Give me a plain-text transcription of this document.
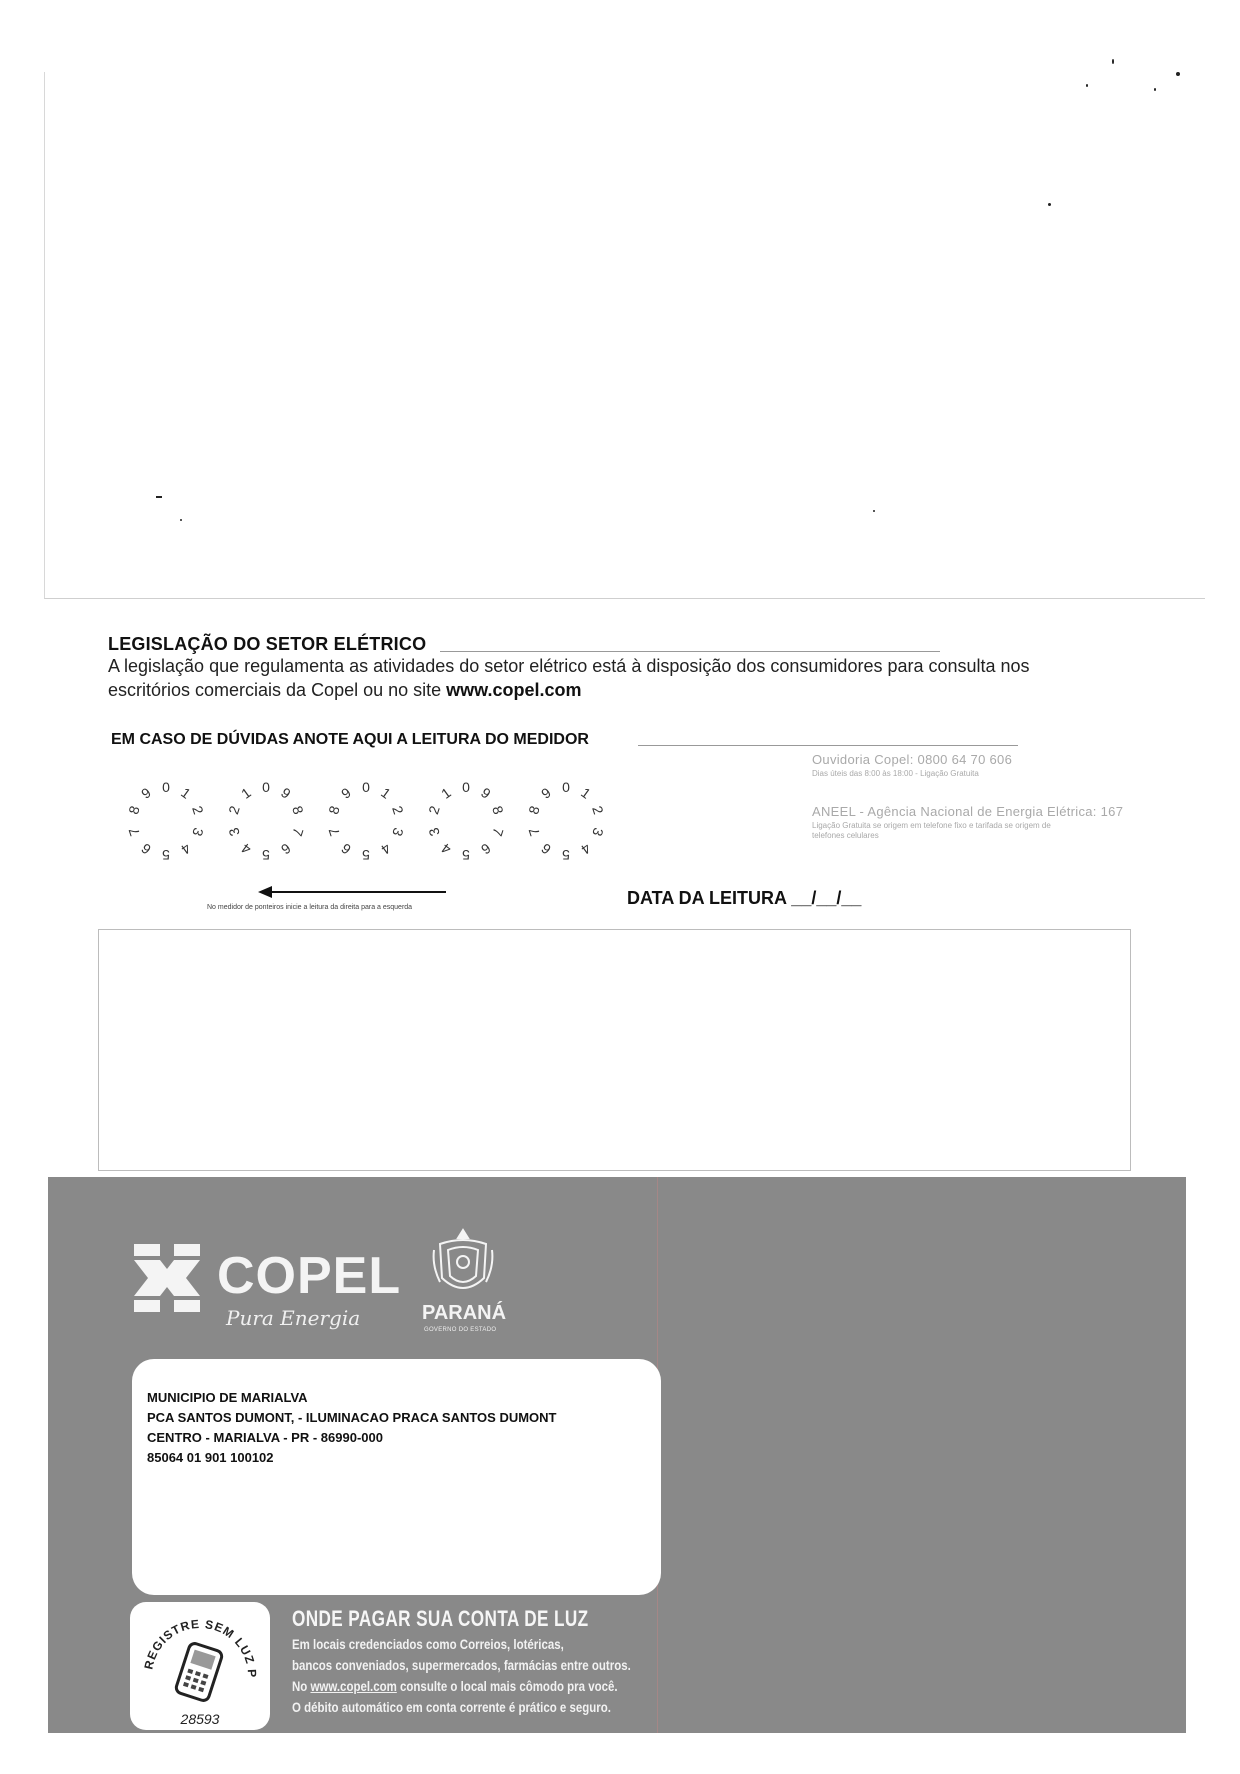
LEGISLAÇÃO DO SETOR ELÉTRICO
A legislação que regulamenta as atividades do setor elétrico está à disposição dos consumidores para consulta nos
escritórios comerciais da Copel ou no site www.copel.com
EM CASO DE DÚVIDAS ANOTE AQUI A LEITURA DO MEDIDOR
0 1
2
3
4
5
6
7
8
9	0
1
2
3
4 5 6
7
8
9	0 1
2
3
4
5
6
7
8
9	0
1
2
3
4 5 6
7
8
9	0 1
2
3
4
5
6
7
8
9
No medidor de ponteiros inicie a leitura da direita para a esquerda	DATA DA LEITURA __/__/__
Ouvidoria Copel: 0800 64 70 606
Dias úteis das 8:00 às 18:00 - Ligação Gratuita
ANEEL - Agência Nacional de Energia Elétrica: 167
Ligação Gratuita se origem em telefone fixo e tarifada se origem de
telefones celulares
COPEL
Pura Energia	PARANÁ
GOVERNO DO ESTADO
MUNICIPIO DE MARIALVA
PCA SANTOS DUMONT, - ILUMINACAO PRACA SANTOS DUMONT
CENTRO - MARIALVA - PR - 86990-000
85064 01 901 100102
REGISTRE SEM LUZ P
28593
ONDE PAGAR SUA CONTA DE LUZ
Em locais credenciados como Correios, lotéricas,
bancos conveniados, supermercados, farmácias entre outros.
No www.copel.com consulte o local mais cômodo pra você.
O débito automático em conta corrente é prático e seguro.
